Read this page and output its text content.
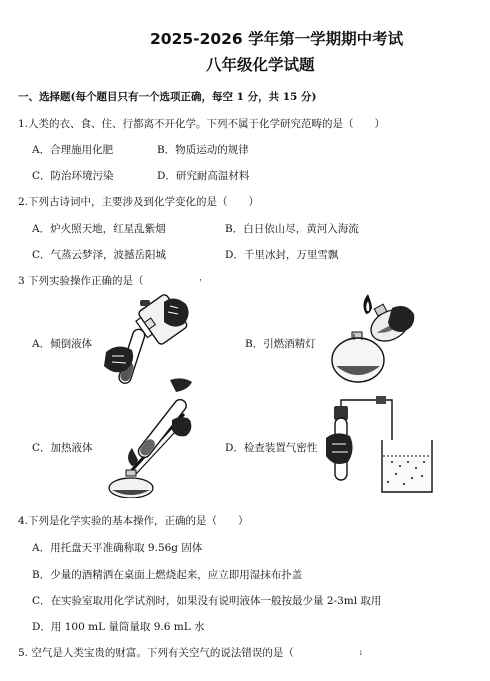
2025-2026 学年第一学期期中考试
八年级化学试题
一、选择题(每个题目只有一个选项正确，每空 1 分，共 15 分)
1.人类的衣、食、住、行都离不开化学。下列不属于化学研究范畴的是（　　）
A．合理施用化肥	B．物质运动的规律
C．防治环境污染	D．研究耐高温材料
2.下列古诗词中，主要涉及到化学变化的是（　　）
A．炉火照天地，红星乱紫烟	B．白日依山尽，黄河入海流
C．气蒸云梦泽，波撼岳阳城	D．千里冰封，万里雪飘
3 下列实验操作正确的是（	，
A．倾倒液体	B．引燃酒精灯
C．加热液体	D．检查装置气密性
4.下列是化学实验的基本操作，正确的是（　　）
A．用托盘天平准确称取 9.56g 固体
B．少量的酒精洒在桌面上燃烧起来，应立即用湿抹布扑盖
C．在实验室取用化学试剂时，如果没有说明液体一般按最少量 2-3ml 取用
D．用 100 mL 量筒量取 9.6 mL 水
5. 空气是人类宝贵的财富。下列有关空气的说法错误的是（	↓
